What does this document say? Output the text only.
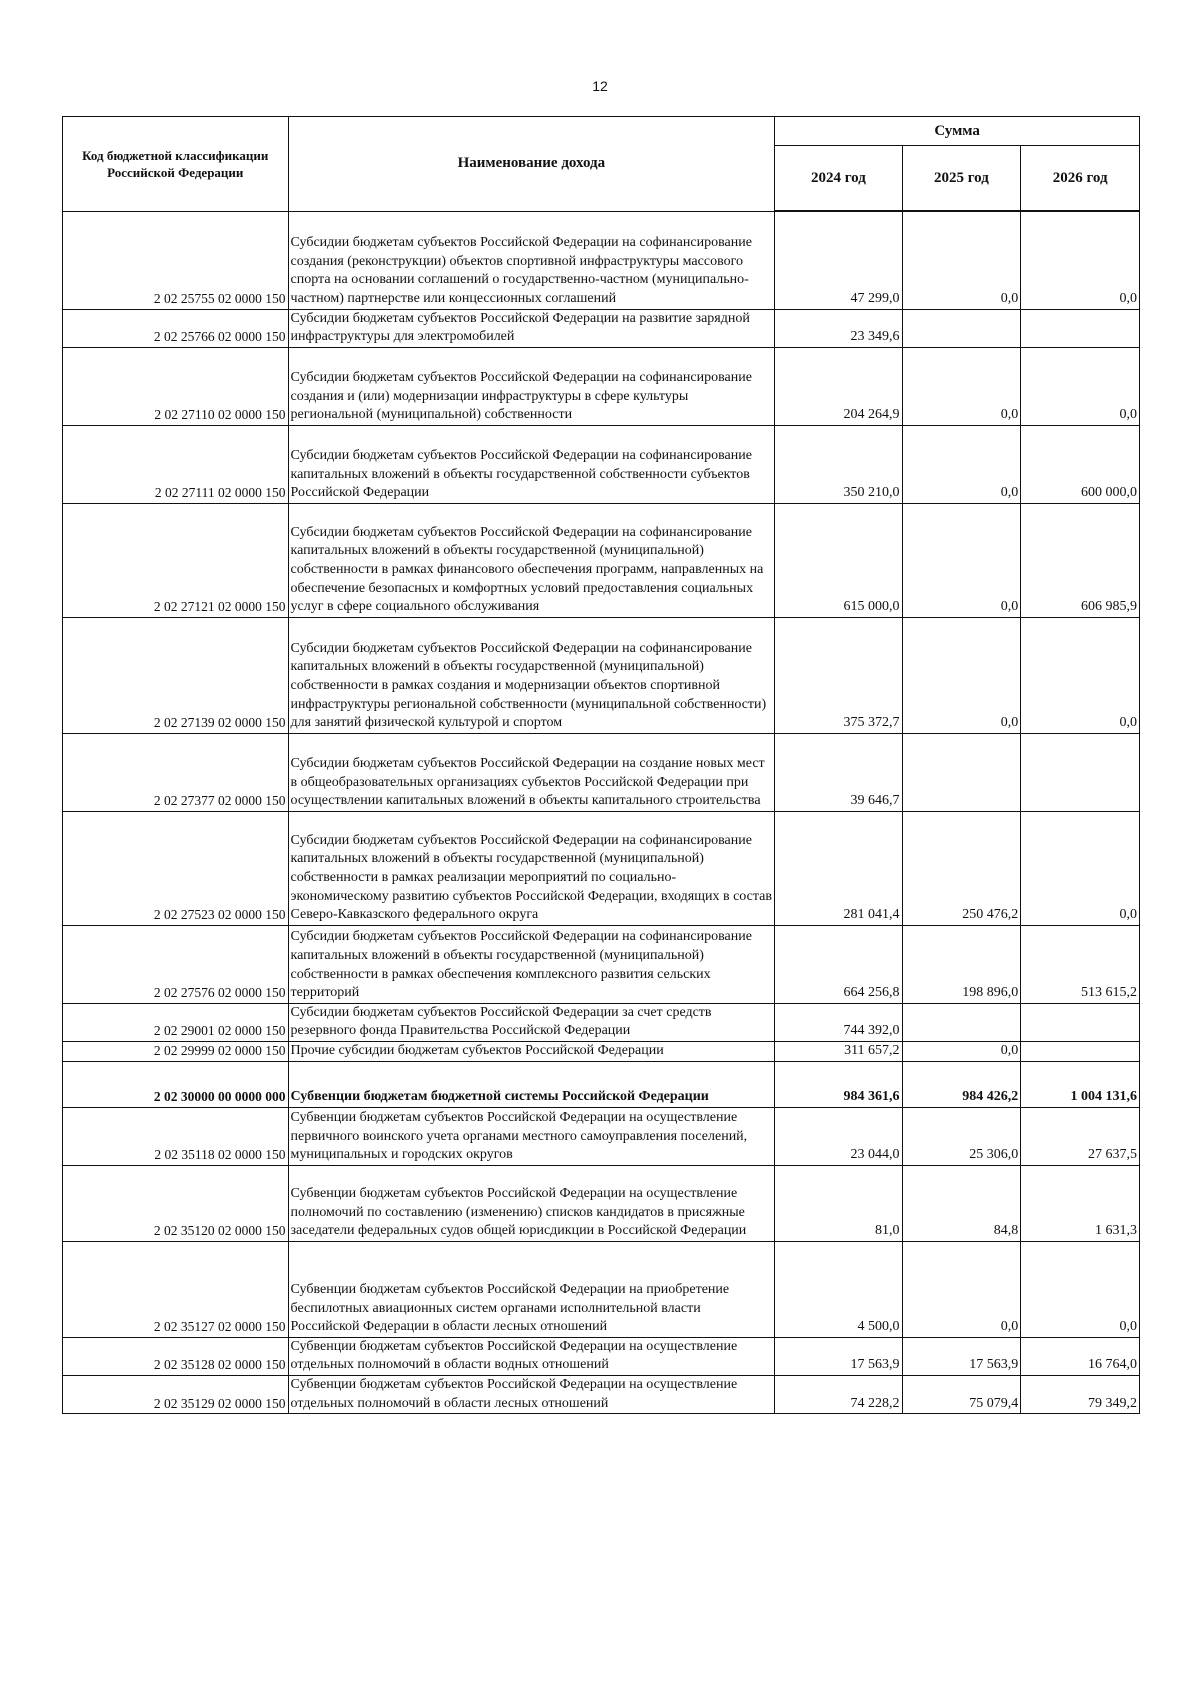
12
Код бюджетной классификации Российской Федерации	Наименование дохода	Сумма		
		2024 год	2025 год	2026 год
2 02 25755 02 0000 150	Субсидии бюджетам субъектов Российской Федерации на софинансирование создания (реконструкции) объектов спортивной инфраструктуры массового спорта на основании соглашений о государственно-частном (муниципально-частном) партнерстве или концессионных соглашений	47 299,0	0,0	0,0
2 02 25766 02 0000 150	Субсидии бюджетам субъектов Российской Федерации на развитие зарядной инфраструктуры для электромобилей	23 349,6		
2 02 27110 02 0000 150	Субсидии бюджетам субъектов Российской Федерации на софинансирование создания и (или) модернизации инфраструктуры в сфере культуры региональной (муниципальной) собственности	204 264,9	0,0	0,0
2 02 27111 02 0000 150	Субсидии бюджетам субъектов Российской Федерации на софинансирование капитальных вложений в объекты государственной собственности субъектов Российской Федерации	350 210,0	0,0	600 000,0
2 02 27121 02 0000 150	Субсидии бюджетам субъектов Российской Федерации на софинансирование капитальных вложений в объекты государственной (муниципальной) собственности в рамках финансового обеспечения программ, направленных на обеспечение безопасных и комфортных условий предоставления социальных услуг в сфере социального обслуживания	615 000,0	0,0	606 985,9
2 02 27139 02 0000 150	Субсидии бюджетам субъектов Российской Федерации на софинансирование капитальных вложений в объекты государственной (муниципальной) собственности в рамках создания и модернизации объектов спортивной инфраструктуры региональной собственности (муниципальной собственности) для занятий физической культурой и спортом	375 372,7	0,0	0,0
2 02 27377 02 0000 150	Субсидии бюджетам субъектов Российской Федерации на создание новых мест в общеобразовательных организациях субъектов Российской Федерации при осуществлении капитальных вложений в объекты капитального строительства	39 646,7		
2 02 27523 02 0000 150	Субсидии бюджетам субъектов Российской Федерации на софинансирование капитальных вложений в объекты государственной (муниципальной) собственности в рамках реализации мероприятий по социально-экономическому развитию субъектов Российской Федерации, входящих в состав Северо-Кавказского федерального округа	281 041,4	250 476,2	0,0
2 02 27576 02 0000 150	Субсидии бюджетам субъектов Российской Федерации на софинансирование капитальных вложений в объекты государственной (муниципальной) собственности в рамках обеспечения комплексного развития сельских территорий	664 256,8	198 896,0	513 615,2
2 02 29001 02 0000 150	Субсидии бюджетам субъектов Российской Федерации за счет средств резервного фонда Правительства Российской Федерации	744 392,0		
2 02 29999 02 0000 150	Прочие субсидии бюджетам субъектов Российской Федерации	311 657,2	0,0	
2 02 30000 00 0000 000	Субвенции бюджетам бюджетной системы Российской Федерации	984 361,6	984 426,2	1 004 131,6
2 02 35118 02 0000 150	Субвенции бюджетам субъектов Российской Федерации на осуществление первичного воинского учета органами местного самоуправления поселений, муниципальных и городских округов	23 044,0	25 306,0	27 637,5
2 02 35120 02 0000 150	Субвенции бюджетам субъектов Российской Федерации на осуществление полномочий по составлению (изменению) списков кандидатов в присяжные заседатели федеральных судов общей юрисдикции в Российской Федерации	81,0	84,8	1 631,3
2 02 35127 02 0000 150	Субвенции бюджетам субъектов Российской Федерации на приобретение беспилотных авиационных систем органами исполнительной власти Российской Федерации в области лесных отношений	4 500,0	0,0	0,0
2 02 35128 02 0000 150	Субвенции бюджетам субъектов Российской Федерации на осуществление отдельных полномочий в области водных отношений	17 563,9	17 563,9	16 764,0
2 02 35129 02 0000 150	Субвенции бюджетам субъектов Российской Федерации на осуществление отдельных полномочий в области лесных отношений	74 228,2	75 079,4	79 349,2
